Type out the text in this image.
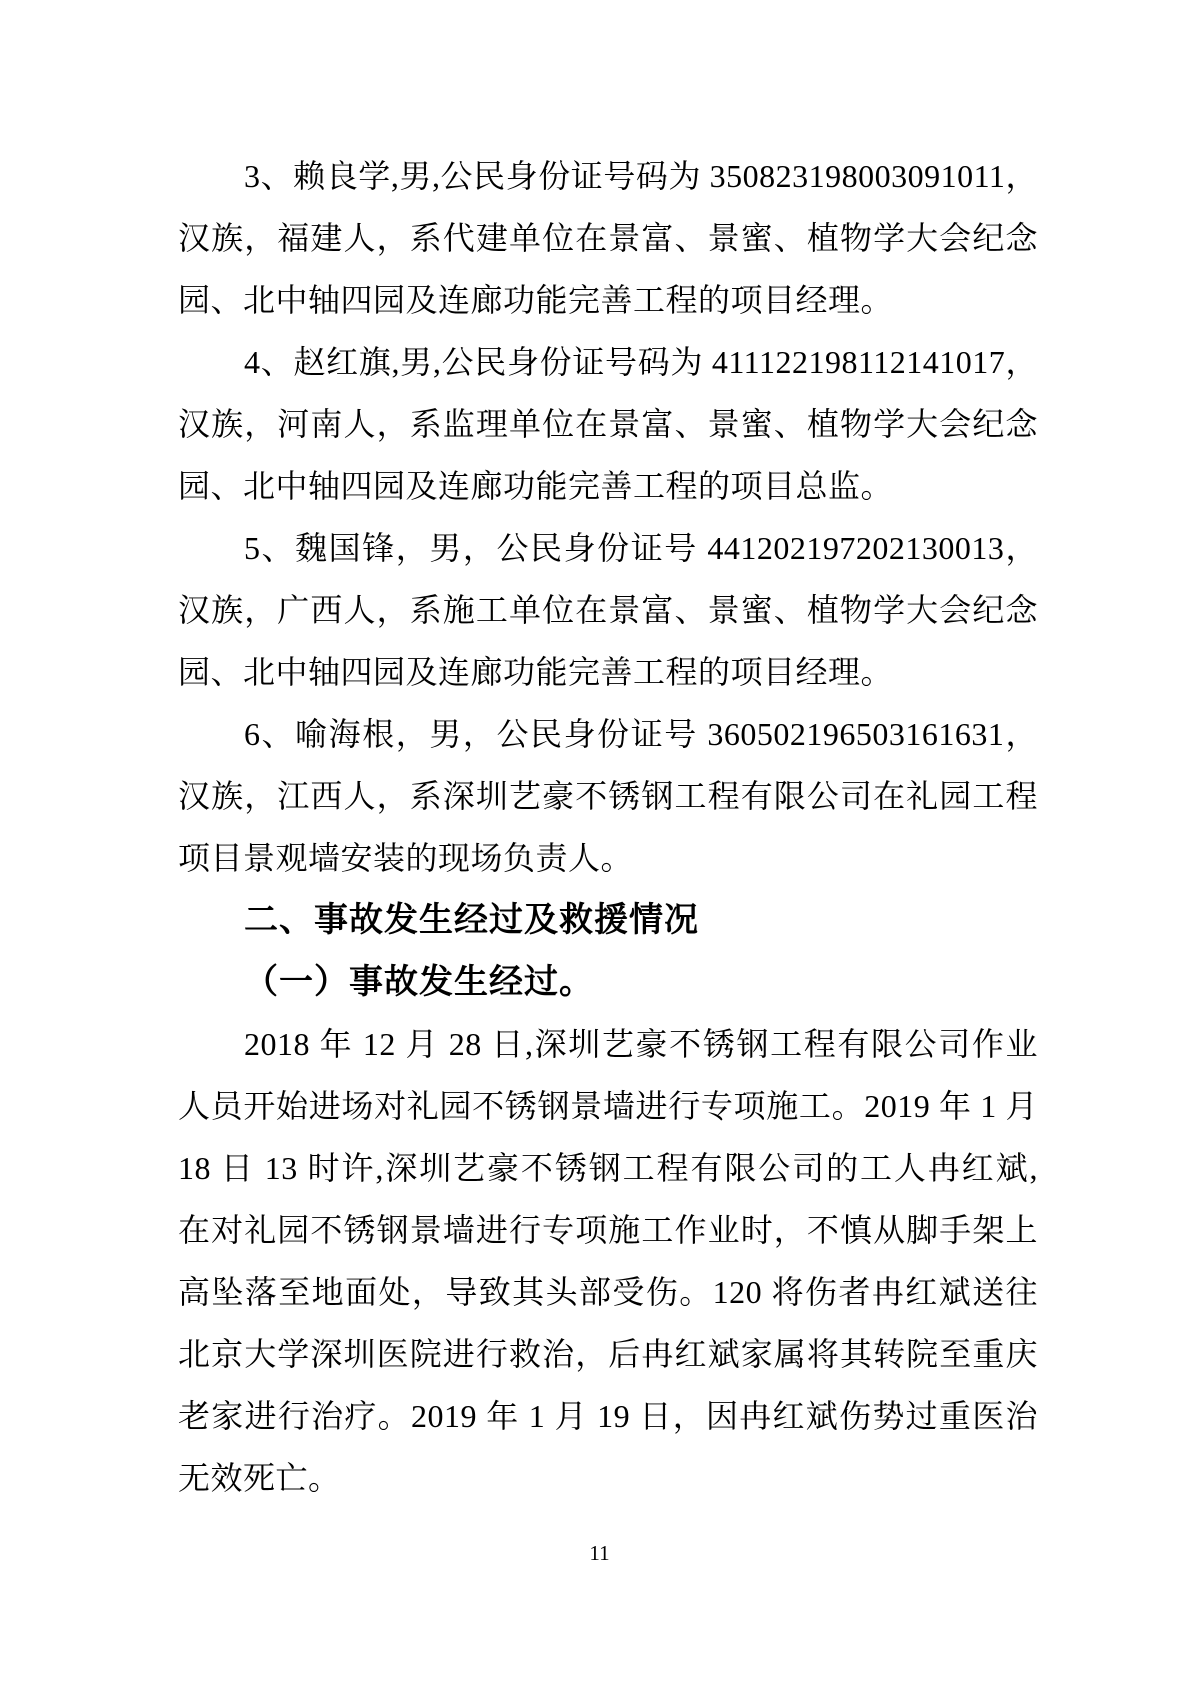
3、赖良学,男,公民身份证号码为 350823198003091011，
汉族，福建人，系代建单位在景富、景蜜、植物学大会纪念
园、北中轴四园及连廊功能完善工程的项目经理。
4、赵红旗,男,公民身份证号码为 411122198112141017，
汉族，河南人，系监理单位在景富、景蜜、植物学大会纪念
园、北中轴四园及连廊功能完善工程的项目总监。
5、魏国锋，男，公民身份证号 441202197202130013，
汉族，广西人，系施工单位在景富、景蜜、植物学大会纪念
园、北中轴四园及连廊功能完善工程的项目经理。
6、喻海根，男，公民身份证号 360502196503161631，
汉族，江西人，系深圳艺豪不锈钢工程有限公司在礼园工程
项目景观墙安装的现场负责人。
二、事故发生经过及救援情况
（一）事故发生经过。
2018 年 12 月 28 日,深圳艺豪不锈钢工程有限公司作业
人员开始进场对礼园不锈钢景墙进行专项施工。2019 年 1 月
18 日 13 时许,深圳艺豪不锈钢工程有限公司的工人冉红斌,
在对礼园不锈钢景墙进行专项施工作业时，不慎从脚手架上
高坠落至地面处，导致其头部受伤。120 将伤者冉红斌送往
北京大学深圳医院进行救治，后冉红斌家属将其转院至重庆
老家进行治疗。2019 年 1 月 19 日，因冉红斌伤势过重医治
无效死亡。
11
